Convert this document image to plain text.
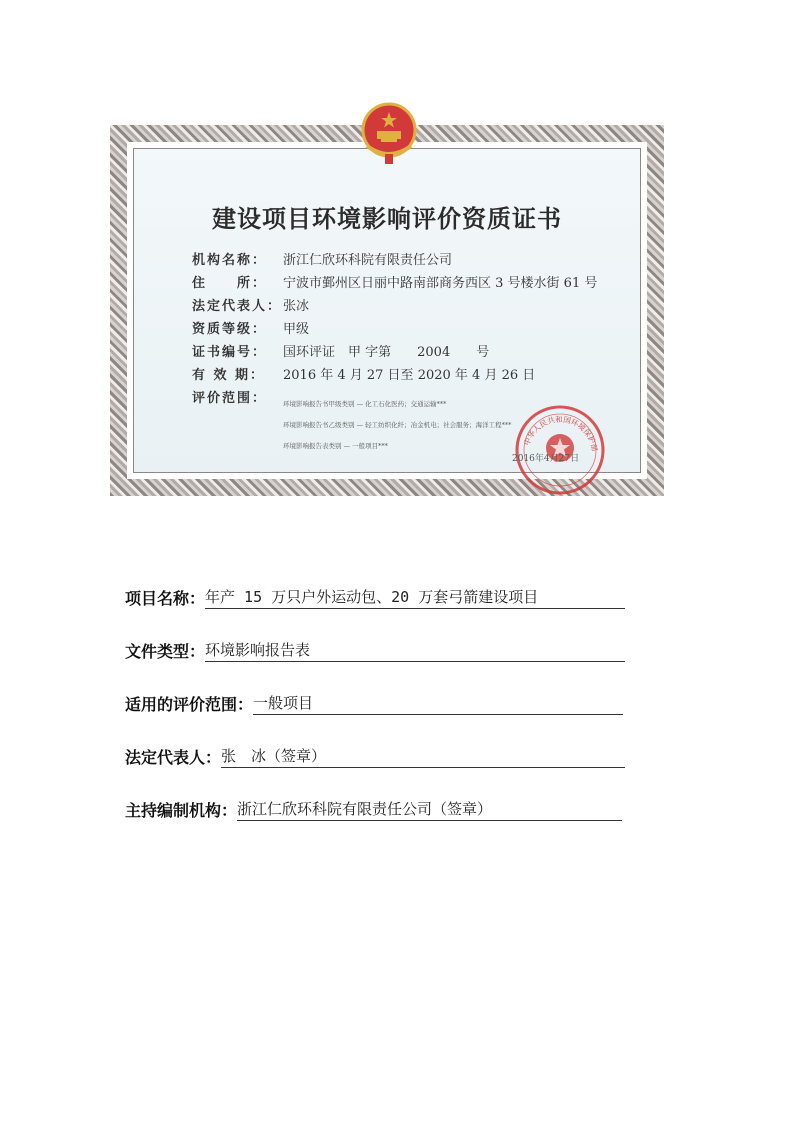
建设项目环境影响评价资质证书
机构名称：	浙江仁欣环科院有限责任公司
住　　所：	宁波市鄞州区日丽中路南部商务西区 3 号楼水街 61 号
法定代表人： 张冰
资质等级：	甲级
证书编号：	国环评证　甲 字第　　2004　　号
有 效 期：	2016 年 4 月 27 日至 2020 年 4 月 26 日
评价范围：	环境影响报告书甲级类别 — 化工石化医药；交通运输***
环境影响报告书乙级类别 — 轻工纺织化纤；冶金机电；社会服务；海洋工程***
环境影响报告表类别 — 一般项目***	中华人民共和国环境保护部
2016年4月27日
项目名称： 年产 15 万只户外运动包、20 万套弓箭建设项目
文件类型： 环境影响报告表
适用的评价范围： 一般项目
法定代表人： 张　冰（签章）
主持编制机构： 浙江仁欣环科院有限责任公司（签章）
